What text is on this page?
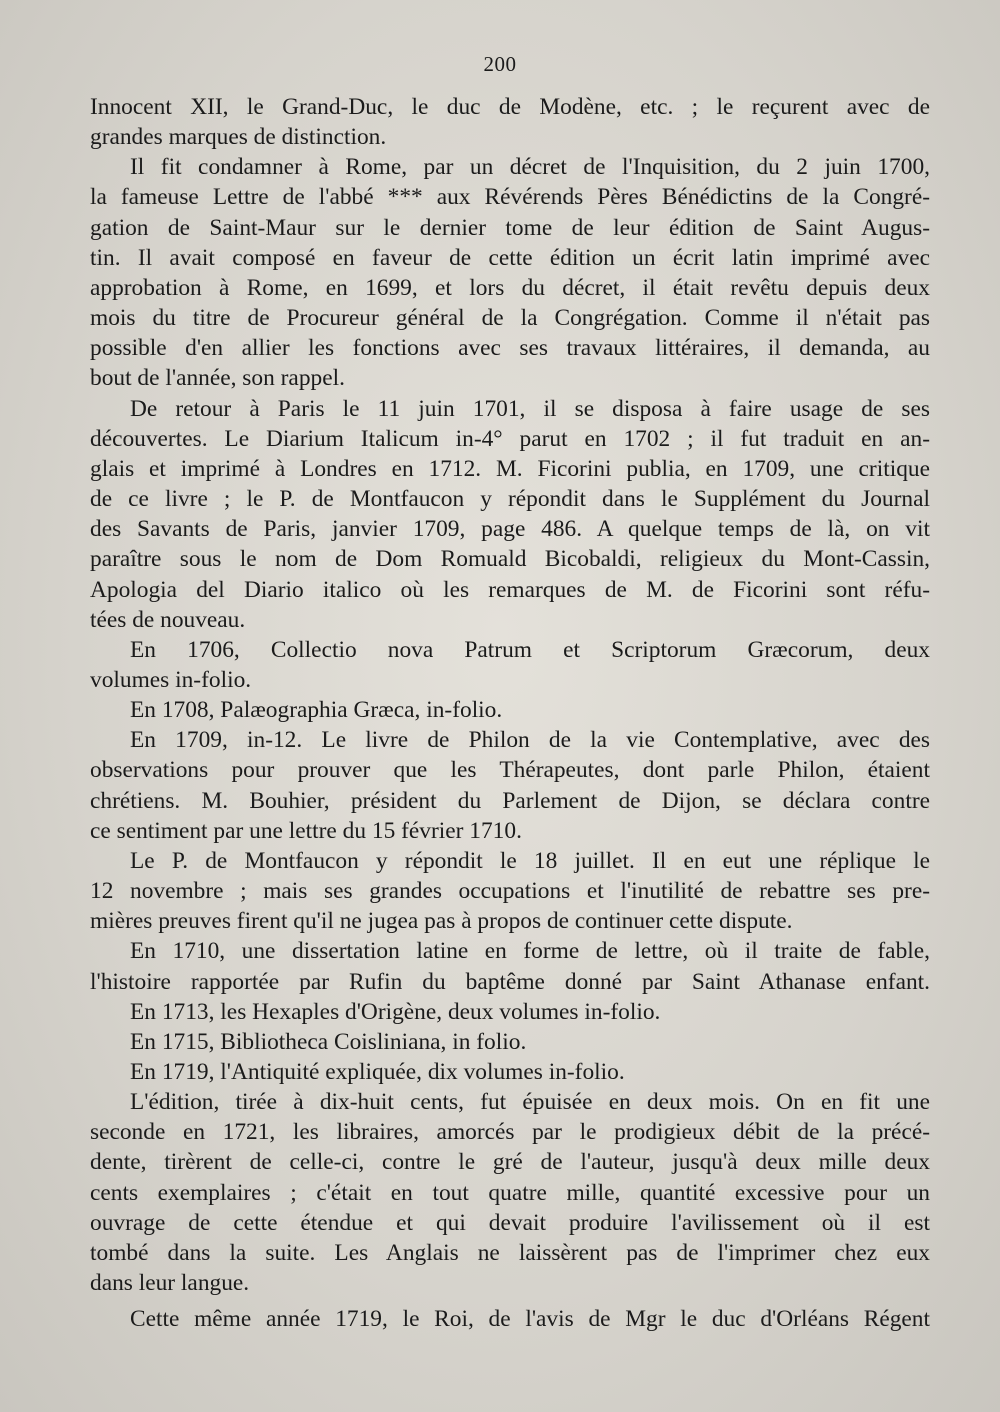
200

Innocent XII, le Grand-Duc, le duc de Modène, etc. ; le reçurent avec de
grandes marques de distinction.

Il fit condamner à Rome, par un décret de l'Inquisition, du 2 juin 1700,
la fameuse Lettre de l'abbé *** aux Révérends Pères Bénédictins de la Congré-
gation de Saint-Maur sur le dernier tome de leur édition de Saint Augus-
tin. Il avait composé en faveur de cette édition un écrit latin imprimé avec
approbation à Rome, en 1699, et lors du décret, il était revêtu depuis deux
mois du titre de Procureur général de la Congrégation. Comme il n'était pas
possible d'en allier les fonctions avec ses travaux littéraires, il demanda, au
bout de l'année, son rappel.

De retour à Paris le 11 juin 1701, il se disposa à faire usage de ses
découvertes. Le Diarium Italicum in-4° parut en 1702 ; il fut traduit en an-
glais et imprimé à Londres en 1712. M. Ficorini publia, en 1709, une critique
de ce livre ; le P. de Montfaucon y répondit dans le Supplément du Journal
des Savants de Paris, janvier 1709, page 486. A quelque temps de là, on vit
paraître sous le nom de Dom Romuald Bicobaldi, religieux du Mont-Cassin,
Apologia del Diario italico où les remarques de M. de Ficorini sont réfu-
tées de nouveau.

En 1706, Collectio nova Patrum et Scriptorum Græcorum, deux
volumes in-folio.

En 1708, Palæographia Græca, in-folio.

En 1709, in-12. Le livre de Philon de la vie Contemplative, avec des
observations pour prouver que les Thérapeutes, dont parle Philon, étaient
chrétiens. M. Bouhier, président du Parlement de Dijon, se déclara contre
ce sentiment par une lettre du 15 février 1710.

Le P. de Montfaucon y répondit le 18 juillet. Il en eut une réplique le
12 novembre ; mais ses grandes occupations et l'inutilité de rebattre ses pre-
mières preuves firent qu'il ne jugea pas à propos de continuer cette dispute.

En 1710, une dissertation latine en forme de lettre, où il traite de fable,
l'histoire rapportée par Rufin du baptême donné par Saint Athanase enfant.

En 1713, les Hexaples d'Origène, deux volumes in-folio.

En 1715, Bibliotheca Coisliniana, in folio.

En 1719, l'Antiquité expliquée, dix volumes in-folio.

L'édition, tirée à dix-huit cents, fut épuisée en deux mois. On en fit une
seconde en 1721, les libraires, amorcés par le prodigieux débit de la précé-
dente, tirèrent de celle-ci, contre le gré de l'auteur, jusqu'à deux mille deux
cents exemplaires ; c'était en tout quatre mille, quantité excessive pour un
ouvrage de cette étendue et qui devait produire l'avilissement où il est
tombé dans la suite. Les Anglais ne laissèrent pas de l'imprimer chez eux
dans leur langue.

Cette même année 1719, le Roi, de l'avis de Mgr le duc d'Orléans Régent
